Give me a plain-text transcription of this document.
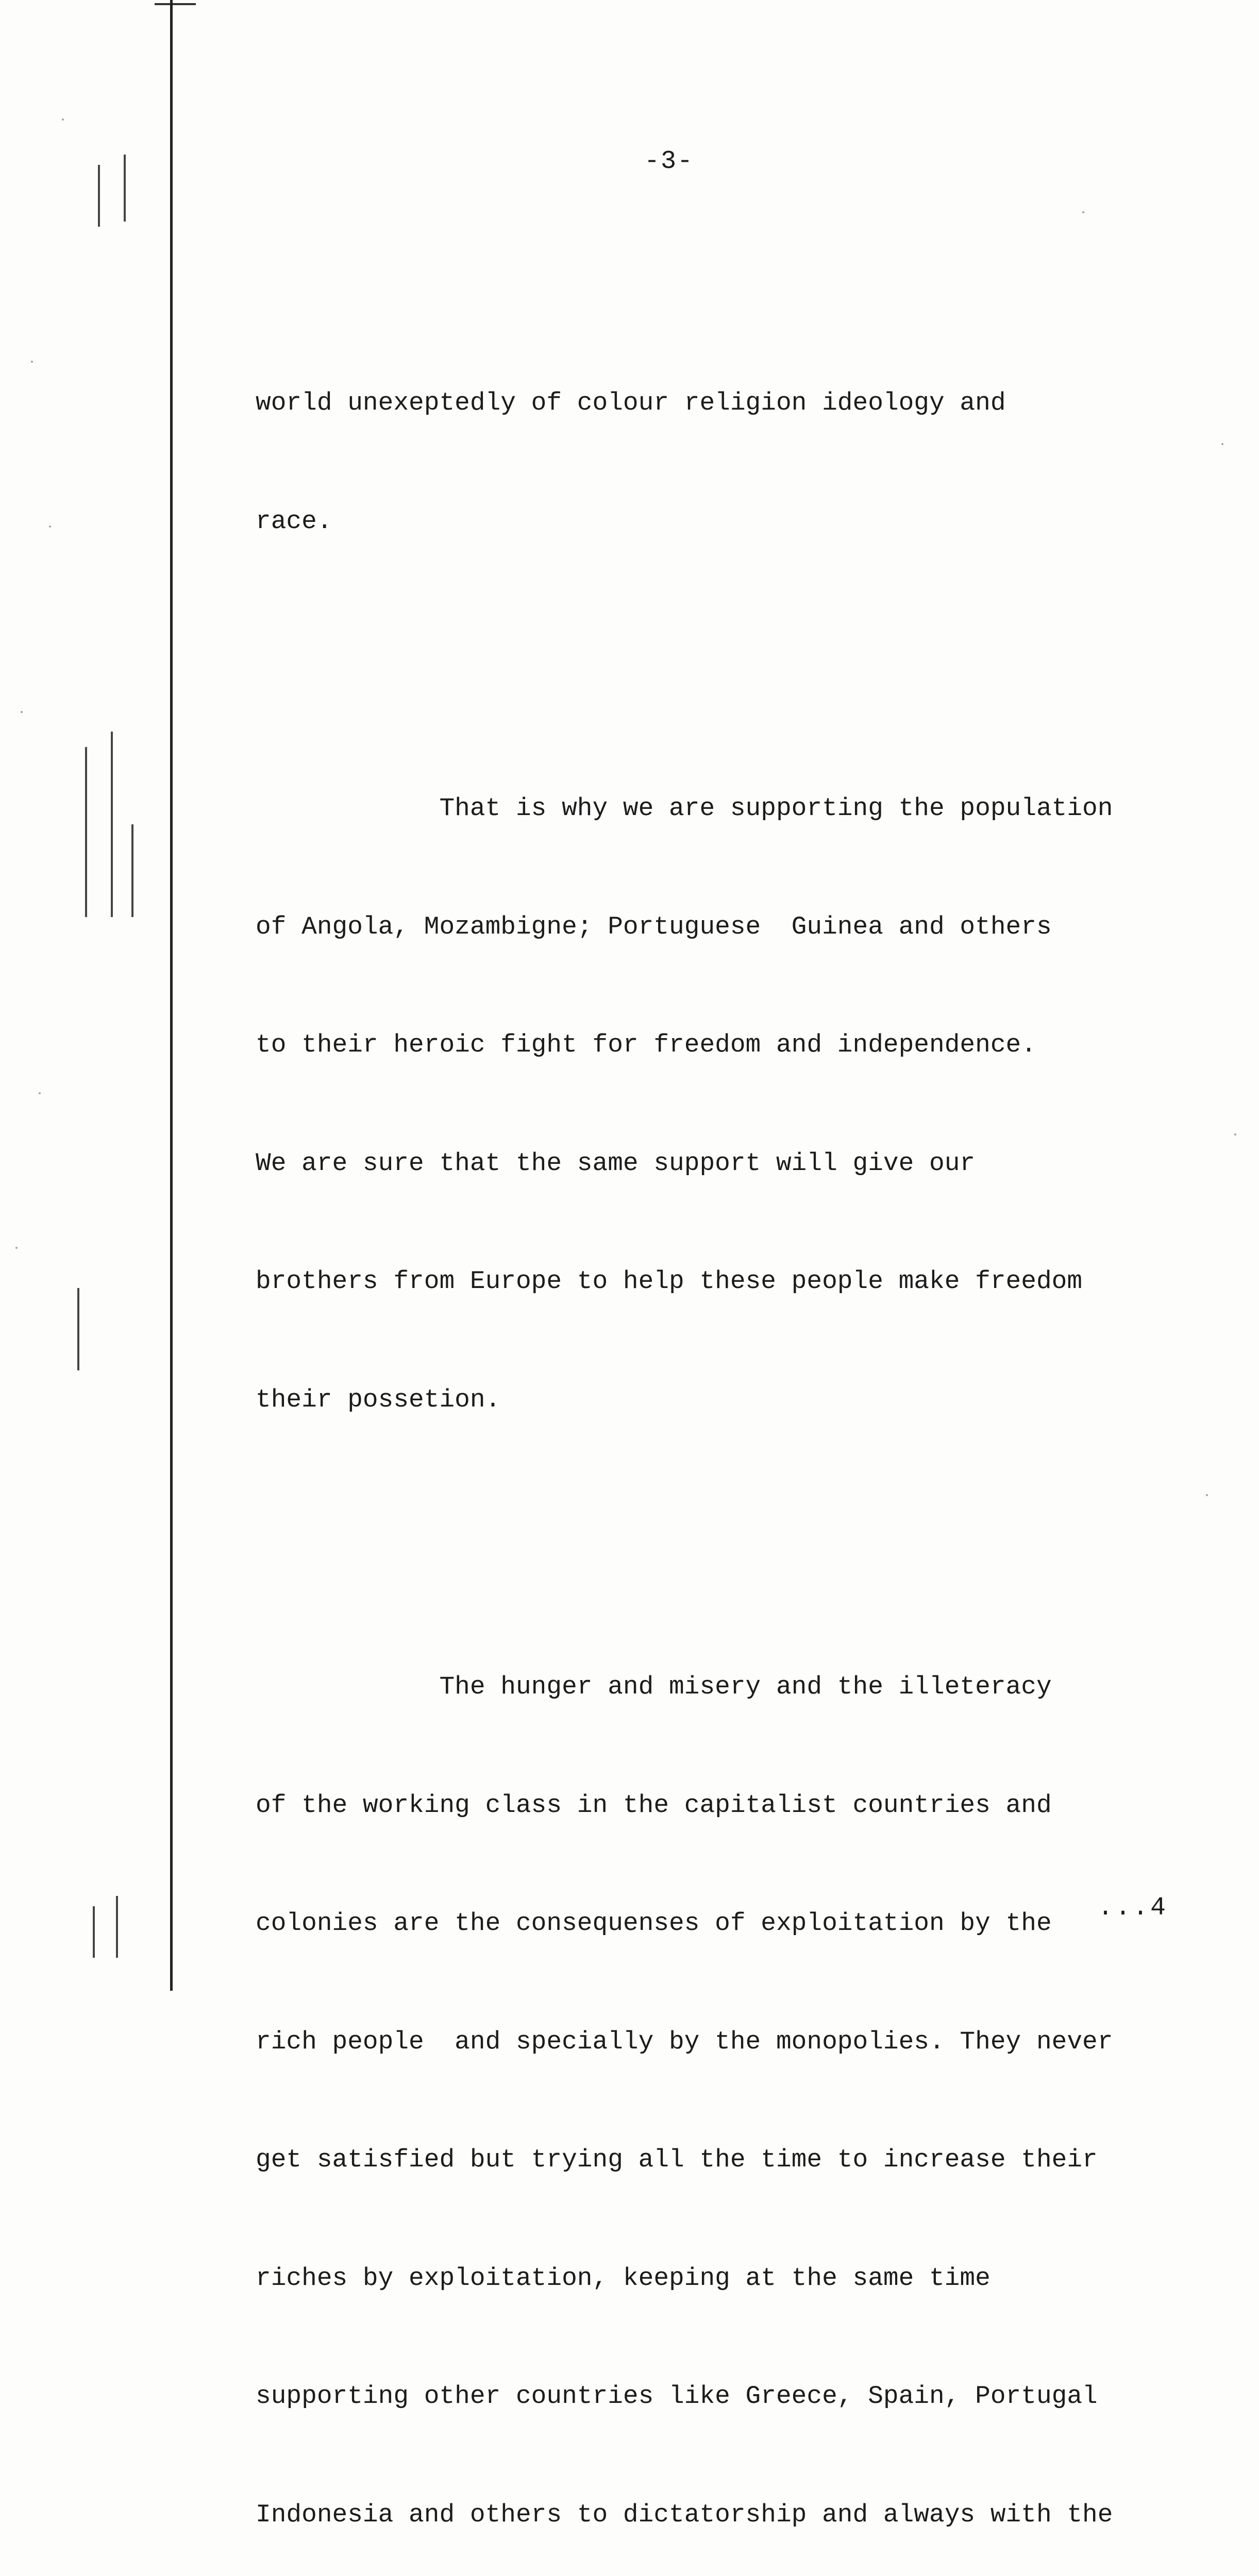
-3-

world unexeptedly of colour religion ideology and

race.

That is why we are supporting the population

of Angola, Mozambigne; Portuguese  Guinea and others

to their heroic fight for freedom and independence.

We are sure that the same support will give our

brothers from Europe to help these people make freedom

their possetion.

The hunger and misery and the illeteracy

of the working class in the capitalist countries and

colonies are the consequenses of exploitation by the

rich people  and specially by the monopolies. They never

get satisfied but trying all the time to increase their

riches by exploitation, keeping at the same time

supporting other countries like Greece, Spain, Portugal

Indonesia and others to dictatorship and always with the

...4
